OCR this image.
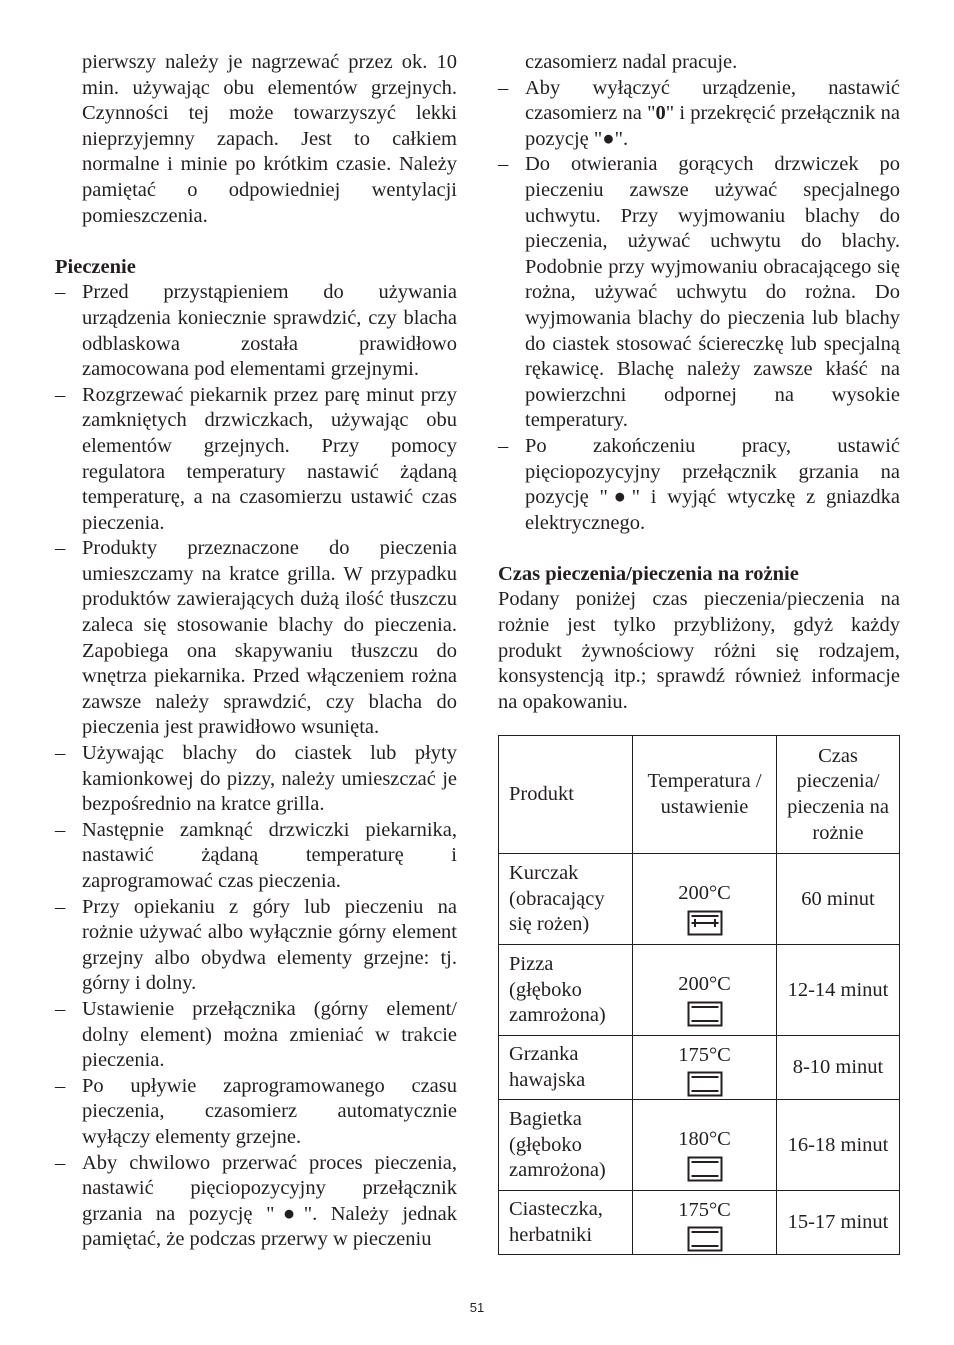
pierwszy należy je nagrzewać przez ok. 10 min. używając obu elementów grzejnych. Czynności tej może towarzyszyć lekki nieprzyjemny zapach. Jest to całkiem normalne i minie po krótkim czasie. Należy pamiętać o odpowiedniej wentylacji pomieszczenia.

Pieczenie

– Przed przystąpieniem do używania urządzenia koniecznie sprawdzić, czy blacha odblaskowa została prawidłowo zamocowana pod elementami grzejnymi.
– Rozgrzewać piekarnik przez parę minut przy zamkniętych drzwiczkach, używając obu elementów grzejnych. Przy pomocy regulatora temperatury nastawić żądaną temperaturę, a na czasomierzu ustawić czas pieczenia.
– Produkty przeznaczone do pieczenia umieszczamy na kratce grilla. W przypadku produktów zawierających dużą ilość tłuszczu zaleca się stosowanie blachy do pieczenia. Zapobiega ona skapywaniu tłuszczu do wnętrza piekarnika. Przed włączeniem rożna zawsze należy sprawdzić, czy blacha do pieczenia jest prawidłowo wsunięta.
– Używając blachy do ciastek lub płyty kamionkowej do pizzy, należy umieszczać je bezpośrednio na kratce grilla.
– Następnie zamknąć drzwiczki piekarnika, nastawić żądaną temperaturę i zaprogramować czas pieczenia.
– Przy opiekaniu z góry lub pieczeniu na rożnie używać albo wyłącznie górny element grzejny albo obydwa elementy grzejne: tj. górny i dolny.
– Ustawienie przełącznika (górny element/ dolny element) można zmieniać w trakcie pieczenia.
– Po upływie zaprogramowanego czasu pieczenia, czasomierz automatycznie wyłączy elementy grzejne.
– Aby chwilowo przerwać proces pieczenia, nastawić pięciopozycyjny przełącznik grzania na pozycję "●". Należy jednak pamiętać, że podczas przerwy w pieczeniu

czasomierz nadal pracuje.

– Aby wyłączyć urządzenie, nastawić czasomierz na "0" i przekręcić przełącznik na pozycję "●".
– Do otwierania gorących drzwiczek po pieczeniu zawsze używać specjalnego uchwytu. Przy wyjmowaniu blachy do pieczenia, używać uchwytu do blachy. Podobnie przy wyjmowaniu obracającego się rożna, używać uchwytu do rożna. Do wyjmowania blachy do pieczenia lub blachy do ciastek stosować ściereczkę lub specjalną rękawicę. Blachę należy zawsze kłaść na powierzchni odpornej na wysokie temperatury.
– Po zakończeniu pracy, ustawić pięciopozycyjny przełącznik grzania na pozycję "●" i wyjąć wtyczkę z gniazdka elektrycznego.

Czas pieczenia/pieczenia na rożnie

Podany poniżej czas pieczenia/pieczenia na rożnie jest tylko przybliżony, gdyż każdy produkt żywnościowy różni się rodzajem, konsystencją itp.; sprawdź również informacje na opakowaniu.

Produkt	Temperatura / ustawienie	Czas pieczenia/ pieczenia na rożnie
Kurczak (obracający się rożen)	200°C	60 minut
Pizza (głęboko zamrożona)	200°C	12-14 minut
Grzanka hawajska	175°C	8-10 minut
Bagietka (głęboko zamrożona)	180°C	16-18 minut
Ciasteczka, herbatniki	175°C	15-17 minut
51
